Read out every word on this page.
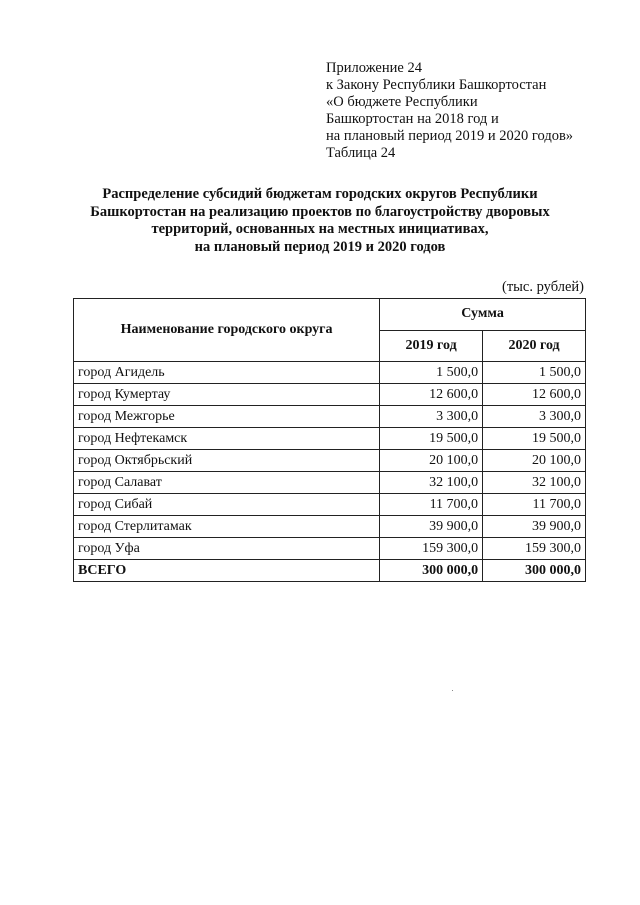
Приложение 24
к Закону Республики Башкортостан
«О бюджете Республики
Башкортостан на 2018 год и
на плановый период 2019 и 2020 годов»
Таблица 24
Распределение субсидий бюджетам городских округов Республики
Башкортостан на реализацию проектов по благоустройству дворовых
территорий, основанных на местных инициативах,
на плановый период 2019 и 2020 годов
(тыс. рублей)
Наименование городского округа	Сумма	
	2019 год	2020 год
город Агидель	1 500,0	1 500,0
город Кумертау	12 600,0	12 600,0
город Межгорье	3 300,0	3 300,0
город Нефтекамск	19 500,0	19 500,0
город Октябрьский	20 100,0	20 100,0
город Салават	32 100,0	32 100,0
город Сибай	11 700,0	11 700,0
город Стерлитамак	39 900,0	39 900,0
город Уфа	159 300,0	159 300,0
ВСЕГО	300 000,0	300 000,0
